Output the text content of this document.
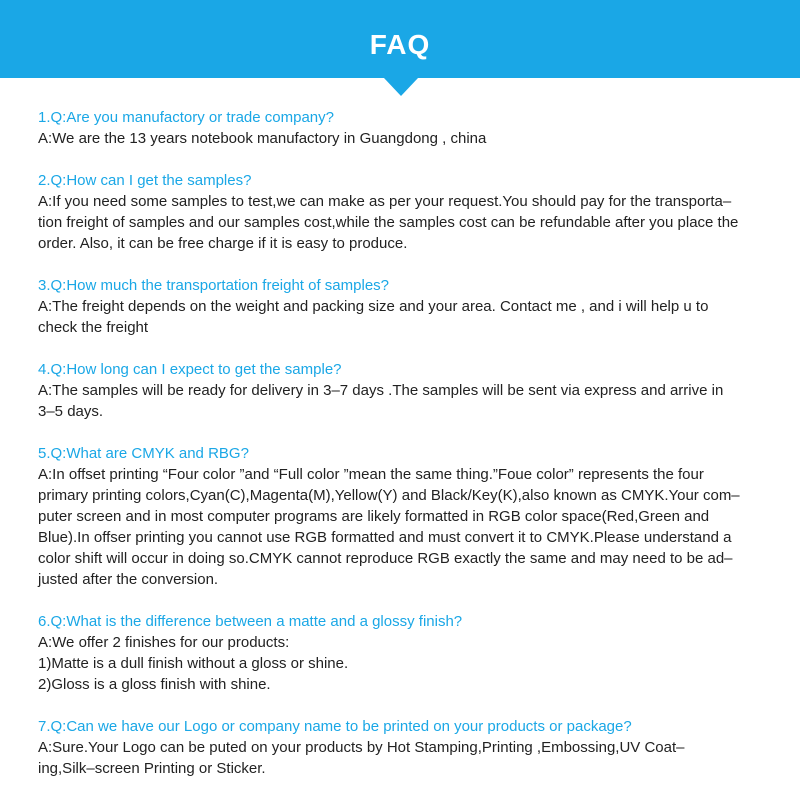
FAQ

1.Q:Are you manufactory or trade company?

A:We are the 13 years notebook manufactory in Guangdong , china

2.Q:How can I get the samples?

A:If you need some samples to test,we can make as per your request.You should pay for the transporta–

tion freight of samples and our samples cost,while the samples cost can be refundable after you place the

order. Also, it can be free charge if it is easy to produce.

3.Q:How much the transportation freight of samples?

A:The freight depends on the weight and packing size and your area. Contact me , and i will help u to

check the freight

4.Q:How long can I expect to get the sample?

A:The samples will be ready for delivery in 3–7 days .The samples will be sent via express and arrive in

3–5 days.

5.Q:What are CMYK and RBG?

A:In offset printing “Four color ”and “Full color ”mean the same thing.”Foue color” represents the four

primary printing colors,Cyan(C),Magenta(M),Yellow(Y) and Black/Key(K),also known as CMYK.Your com–

puter screen and in most computer programs are likely formatted in RGB color space(Red,Green and

Blue).In offser printing you cannot use RGB formatted and must convert it to CMYK.Please understand a

color shift will occur in doing so.CMYK cannot reproduce RGB exactly the same and may need to be ad–

justed after the conversion.

6.Q:What is the difference between a matte and a glossy finish?

A:We offer 2 finishes for our products:

1)Matte is a dull finish without a gloss or shine.

2)Gloss is a gloss finish with shine.

7.Q:Can we have our Logo or company name to be printed on your products or package?

A:Sure.Your Logo can be puted on your products by Hot Stamping,Printing ,Embossing,UV Coat–

ing,Silk–screen Printing or Sticker.
